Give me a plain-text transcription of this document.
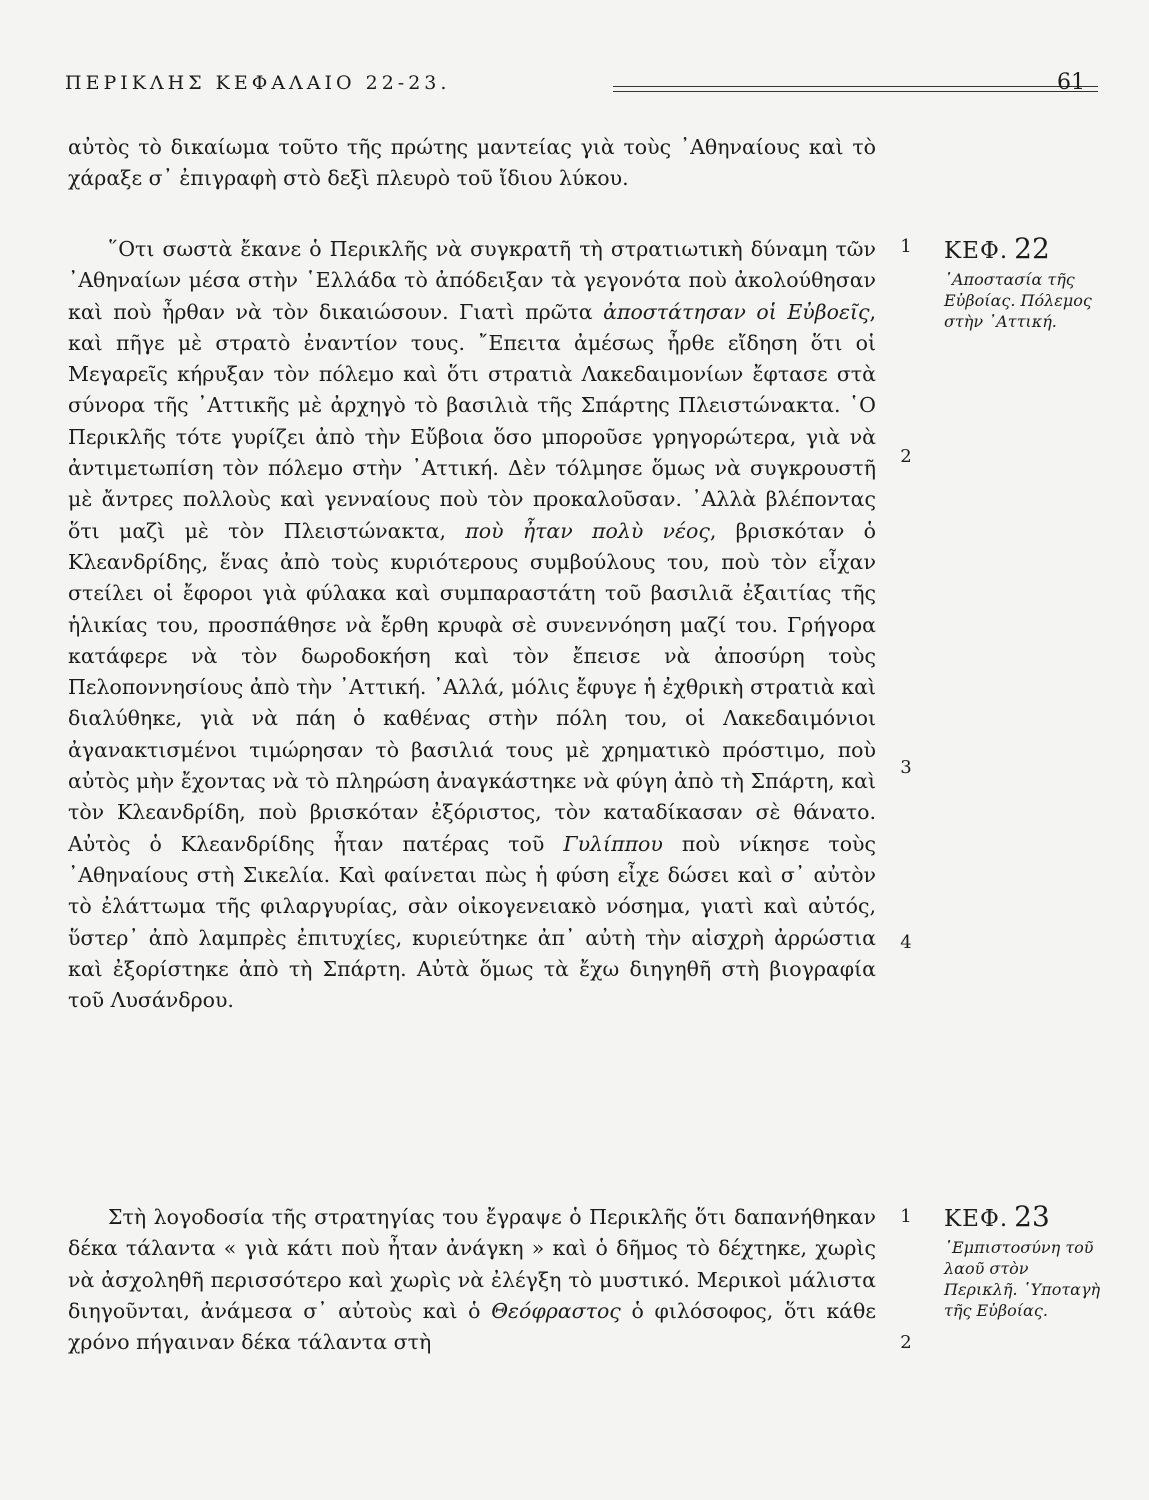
ΠΕΡΙΚΛΗΣ ΚΕΦΑΛΑΙΟ 22-23.	61

αὐτὸς τὸ δικαίωμα τοῦτο τῆς πρώτης μαντείας γιὰ τοὺς ᾿Αθηναίους καὶ τὸ χάραξε σ᾽ ἐπιγραφὴ στὸ δεξὶ πλευρὸ τοῦ ἴδιου λύκου.

῞Οτι σωστὰ ἔκανε ὁ Περικλῆς νὰ συγκρατῆ τὴ στρατιωτικὴ δύναμη τῶν ᾿Αθηναίων μέσα στὴν ῾Ελλάδα τὸ ἀπόδειξαν τὰ γεγονότα ποὺ ἀκολούθησαν καὶ ποὺ ἦρθαν νὰ τὸν δικαιώσουν. Γιατὶ πρῶτα ἀποστάτησαν οἱ Εὐβοεῖς, καὶ πῆγε μὲ στρατὸ ἐναντίον τους. ῎Επειτα ἀμέσως ἦρθε εἴδηση ὅτι οἱ Μεγαρεῖς κήρυξαν τὸν πόλεμο καὶ ὅτι στρατιὰ Λακεδαιμονίων ἔφτασε στὰ σύνορα τῆς ᾿Αττικῆς μὲ ἀρχηγὸ τὸ βασιλιὰ τῆς Σπάρτης Πλειστώνακτα. ῾Ο Περικλῆς τότε γυρίζει ἀπὸ τὴν Εὔβοια ὅσο μποροῦσε γρηγορώτερα, γιὰ νὰ ἀντιμετωπίση τὸν πόλεμο στὴν ᾿Αττική. Δὲν τόλμησε ὅμως νὰ συγκρουστῆ μὲ ἄντρες πολλοὺς καὶ γενναίους ποὺ τὸν προκαλοῦσαν. ᾿Αλλὰ βλέποντας ὅτι μαζὶ μὲ τὸν Πλειστώνακτα, ποὺ ἦταν πολὺ νέος, βρισκόταν ὁ Κλεανδρίδης, ἕνας ἀπὸ τοὺς κυριότερους συμβούλους του, ποὺ τὸν εἶχαν στείλει οἱ ἔφοροι γιὰ φύλακα καὶ συμπαραστάτη τοῦ βασιλιᾶ ἐξαιτίας τῆς ἡλικίας του, προσπάθησε νὰ ἔρθη κρυφὰ σὲ συνεννόηση μαζί του. Γρήγορα κατάφερε νὰ τὸν δωροδοκήση καὶ τὸν ἔπεισε νὰ ἀποσύρη τοὺς Πελοποννησίους ἀπὸ τὴν ᾿Αττική. ᾿Αλλά, μόλις ἔφυγε ἡ ἐχθρικὴ στρατιὰ καὶ διαλύθηκε, γιὰ νὰ πάη ὁ καθένας στὴν πόλη του, οἱ Λακεδαιμόνιοι ἀγανακτισμένοι τιμώρησαν τὸ βασιλιά τους μὲ χρηματικὸ πρόστιμο, ποὺ αὐτὸς μὴν ἔχοντας νὰ τὸ πληρώση ἀναγκάστηκε νὰ φύγη ἀπὸ τὴ Σπάρτη, καὶ τὸν Κλεανδρίδη, ποὺ βρισκόταν ἐξόριστος, τὸν καταδίκασαν σὲ θάνατο. Αὐτὸς ὁ Κλεανδρίδης ἦταν πατέρας τοῦ Γυλίππου ποὺ νίκησε τοὺς ᾿Αθηναίους στὴ Σικελία. Καὶ φαίνεται πὼς ἡ φύση εἶχε δώσει καὶ σ᾽ αὐτὸν τὸ ἐλάττωμα τῆς φιλαργυρίας, σὰν οἰκογενειακὸ νόσημα, γιατὶ καὶ αὐτός, ὕστερ᾽ ἀπὸ λαμπρὲς ἐπιτυχίες, κυριεύτηκε ἀπ᾽ αὐτὴ τὴν αἰσχρὴ ἀρρώστια καὶ ἐξορίστηκε ἀπὸ τὴ Σπάρτη. Αὐτὰ ὅμως τὰ ἔχω διηγηθῆ στὴ βιογραφία τοῦ Λυσάνδρου.

Στὴ λογοδοσία τῆς στρατηγίας του ἔγραψε ὁ Περικλῆς ὅτι δαπανήθηκαν δέκα τάλαντα « γιὰ κάτι ποὺ ἦταν ἀνάγκη » καὶ ὁ δῆμος τὸ δέχτηκε, χωρὶς νὰ ἀσχοληθῆ περισσότερο καὶ χωρὶς νὰ ἐλέγξη τὸ μυστικό. Μερικοὶ μάλιστα διηγοῦνται, ἀνάμεσα σ᾽ αὐτοὺς καὶ ὁ Θεόφραστος ὁ φιλόσοφος, ὅτι κάθε χρόνο πήγαιναν δέκα τάλαντα στὴ

1
2
3
4
1
2
ΚΕΦ. 22
᾿Αποστασία τῆς Εὐβοίας. Πόλεμος στὴν ᾿Αττική.
ΚΕΦ. 23
᾿Εμπιστοσύνη τοῦ λαοῦ στὸν Περικλῆ. ῾Υποταγὴ τῆς Εὐβοίας.
